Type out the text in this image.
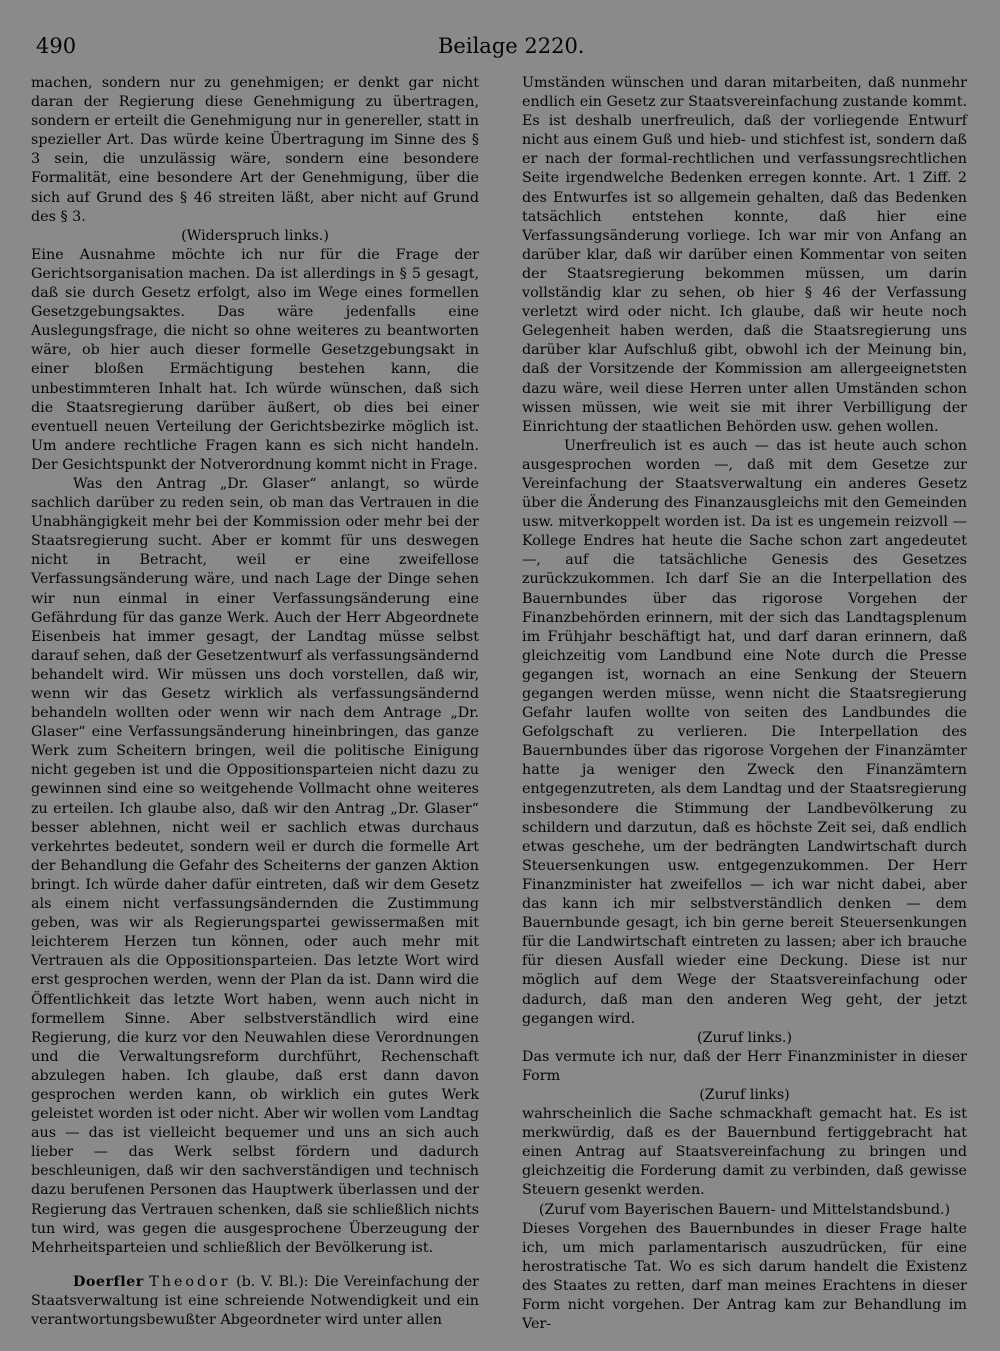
490	Beilage 2220.

machen, sondern nur zu genehmigen; er denkt gar nicht daran der Regierung diese Genehmigung zu übertragen, sondern er erteilt die Genehmigung nur in genereller, statt in spezieller Art. Das würde keine Übertragung im Sinne des § 3 sein, die unzulässig wäre, sondern eine besondere Formalität, eine besondere Art der Genehmigung, über die sich auf Grund des § 46 streiten läßt, aber nicht auf Grund des § 3.

(Widerspruch links.)

Eine Ausnahme möchte ich nur für die Frage der Gerichtsorganisation machen. Da ist allerdings in § 5 gesagt, daß sie durch Gesetz erfolgt, also im Wege eines formellen Gesetzgebungsaktes. Das wäre jedenfalls eine Auslegungsfrage, die nicht so ohne weiteres zu beantworten wäre, ob hier auch dieser formelle Gesetzgebungsakt in einer bloßen Ermächtigung bestehen kann, die unbestimmteren Inhalt hat. Ich würde wünschen, daß sich die Staatsregierung darüber äußert, ob dies bei einer eventuell neuen Verteilung der Gerichtsbezirke möglich ist. Um andere rechtliche Fragen kann es sich nicht handeln. Der Gesichtspunkt der Notverordnung kommt nicht in Frage.

Was den Antrag „Dr. Glaser“ anlangt, so würde sachlich darüber zu reden sein, ob man das Vertrauen in die Unabhängigkeit mehr bei der Kommission oder mehr bei der Staatsregierung sucht. Aber er kommt für uns deswegen nicht in Betracht, weil er eine zweifellose Verfassungsänderung wäre, und nach Lage der Dinge sehen wir nun einmal in einer Verfassungsänderung eine Gefährdung für das ganze Werk. Auch der Herr Abgeordnete Eisenbeis hat immer gesagt, der Landtag müsse selbst darauf sehen, daß der Gesetzentwurf als verfassungsändernd behandelt wird. Wir müssen uns doch vorstellen, daß wir, wenn wir das Gesetz wirklich als verfassungsändernd behandeln wollten oder wenn wir nach dem Antrage „Dr. Glaser“ eine Verfassungsänderung hineinbringen, das ganze Werk zum Scheitern bringen, weil die politische Einigung nicht gegeben ist und die Oppositionsparteien nicht dazu zu gewinnen sind eine so weitgehende Vollmacht ohne weiteres zu erteilen. Ich glaube also, daß wir den Antrag „Dr. Glaser“ besser ablehnen, nicht weil er sachlich etwas durchaus verkehrtes bedeutet, sondern weil er durch die formelle Art der Behandlung die Gefahr des Scheiterns der ganzen Aktion bringt. Ich würde daher dafür eintreten, daß wir dem Gesetz als einem nicht verfassungsändernden die Zustimmung geben, was wir als Regierungspartei gewissermaßen mit leichterem Herzen tun können, oder auch mehr mit Vertrauen als die Oppositionsparteien. Das letzte Wort wird erst gesprochen werden, wenn der Plan da ist. Dann wird die Öffentlichkeit das letzte Wort haben, wenn auch nicht in formellem Sinne. Aber selbstverständlich wird eine Regierung, die kurz vor den Neuwahlen diese Verordnungen und die Verwaltungsreform durchführt, Rechenschaft abzulegen haben. Ich glaube, daß erst dann davon gesprochen werden kann, ob wirklich ein gutes Werk geleistet worden ist oder nicht. Aber wir wollen vom Landtag aus — das ist vielleicht bequemer und uns an sich auch lieber — das Werk selbst fördern und dadurch beschleunigen, daß wir den sachverständigen und technisch dazu berufenen Personen das Hauptwerk überlassen und der Regierung das Vertrauen schenken, daß sie schließlich nichts tun wird, was gegen die ausgesprochene Überzeugung der Mehrheitsparteien und schließlich der Bevölkerung ist.

Doerfler Theodor (b. V. Bl.): Die Vereinfachung der Staatsverwaltung ist eine schreiende Notwendigkeit und ein verantwortungsbewußter Abgeordneter wird unter allen

Umständen wünschen und daran mitarbeiten, daß nunmehr endlich ein Gesetz zur Staatsvereinfachung zustande kommt. Es ist deshalb unerfreulich, daß der vorliegende Entwurf nicht aus einem Guß und hieb- und stichfest ist, sondern daß er nach der formal-rechtlichen und verfassungsrechtlichen Seite irgendwelche Bedenken erregen konnte. Art. 1 Ziff. 2 des Entwurfes ist so allgemein gehalten, daß das Bedenken tatsächlich entstehen konnte, daß hier eine Verfassungsänderung vorliege. Ich war mir von Anfang an darüber klar, daß wir darüber einen Kommentar von seiten der Staatsregierung bekommen müssen, um darin vollständig klar zu sehen, ob hier § 46 der Verfassung verletzt wird oder nicht. Ich glaube, daß wir heute noch Gelegenheit haben werden, daß die Staatsregierung uns darüber klar Aufschluß gibt, obwohl ich der Meinung bin, daß der Vorsitzende der Kommission am allergeeignetsten dazu wäre, weil diese Herren unter allen Umständen schon wissen müssen, wie weit sie mit ihrer Verbilligung der Einrichtung der staatlichen Behörden usw. gehen wollen.

Unerfreulich ist es auch — das ist heute auch schon ausgesprochen worden —, daß mit dem Gesetze zur Vereinfachung der Staatsverwaltung ein anderes Gesetz über die Änderung des Finanzausgleichs mit den Gemeinden usw. mitverkoppelt worden ist. Da ist es ungemein reizvoll — Kollege Endres hat heute die Sache schon zart angedeutet —, auf die tatsächliche Genesis des Gesetzes zurückzukommen. Ich darf Sie an die Interpellation des Bauernbundes über das rigorose Vorgehen der Finanzbehörden erinnern, mit der sich das Landtagsplenum im Frühjahr beschäftigt hat, und darf daran erinnern, daß gleichzeitig vom Landbund eine Note durch die Presse gegangen ist, wornach an eine Senkung der Steuern gegangen werden müsse, wenn nicht die Staatsregierung Gefahr laufen wollte von seiten des Landbundes die Gefolgschaft zu verlieren. Die Interpellation des Bauernbundes über das rigorose Vorgehen der Finanzämter hatte ja weniger den Zweck den Finanzämtern entgegenzutreten, als dem Landtag und der Staatsregierung insbesondere die Stimmung der Landbevölkerung zu schildern und darzutun, daß es höchste Zeit sei, daß endlich etwas geschehe, um der bedrängten Landwirtschaft durch Steuersenkungen usw. entgegenzukommen. Der Herr Finanzminister hat zweifellos — ich war nicht dabei, aber das kann ich mir selbstverständlich denken — dem Bauernbunde gesagt, ich bin gerne bereit Steuersenkungen für die Landwirtschaft eintreten zu lassen; aber ich brauche für diesen Ausfall wieder eine Deckung. Diese ist nur möglich auf dem Wege der Staatsvereinfachung oder dadurch, daß man den anderen Weg geht, der jetzt gegangen wird.

(Zuruf links.)

Das vermute ich nur, daß der Herr Finanzminister in dieser Form

(Zuruf links)

wahrscheinlich die Sache schmackhaft gemacht hat. Es ist merkwürdig, daß es der Bauernbund fertiggebracht hat einen Antrag auf Staatsvereinfachung zu bringen und gleichzeitig die Forderung damit zu verbinden, daß gewisse Steuern gesenkt werden.

(Zuruf vom Bayerischen Bauern- und Mittelstandsbund.)

Dieses Vorgehen des Bauernbundes in dieser Frage halte ich, um mich parlamentarisch auszudrücken, für eine herostratische Tat. Wo es sich darum handelt die Existenz des Staates zu retten, darf man meines Erachtens in dieser Form nicht vorgehen. Der Antrag kam zur Behandlung im Ver-
